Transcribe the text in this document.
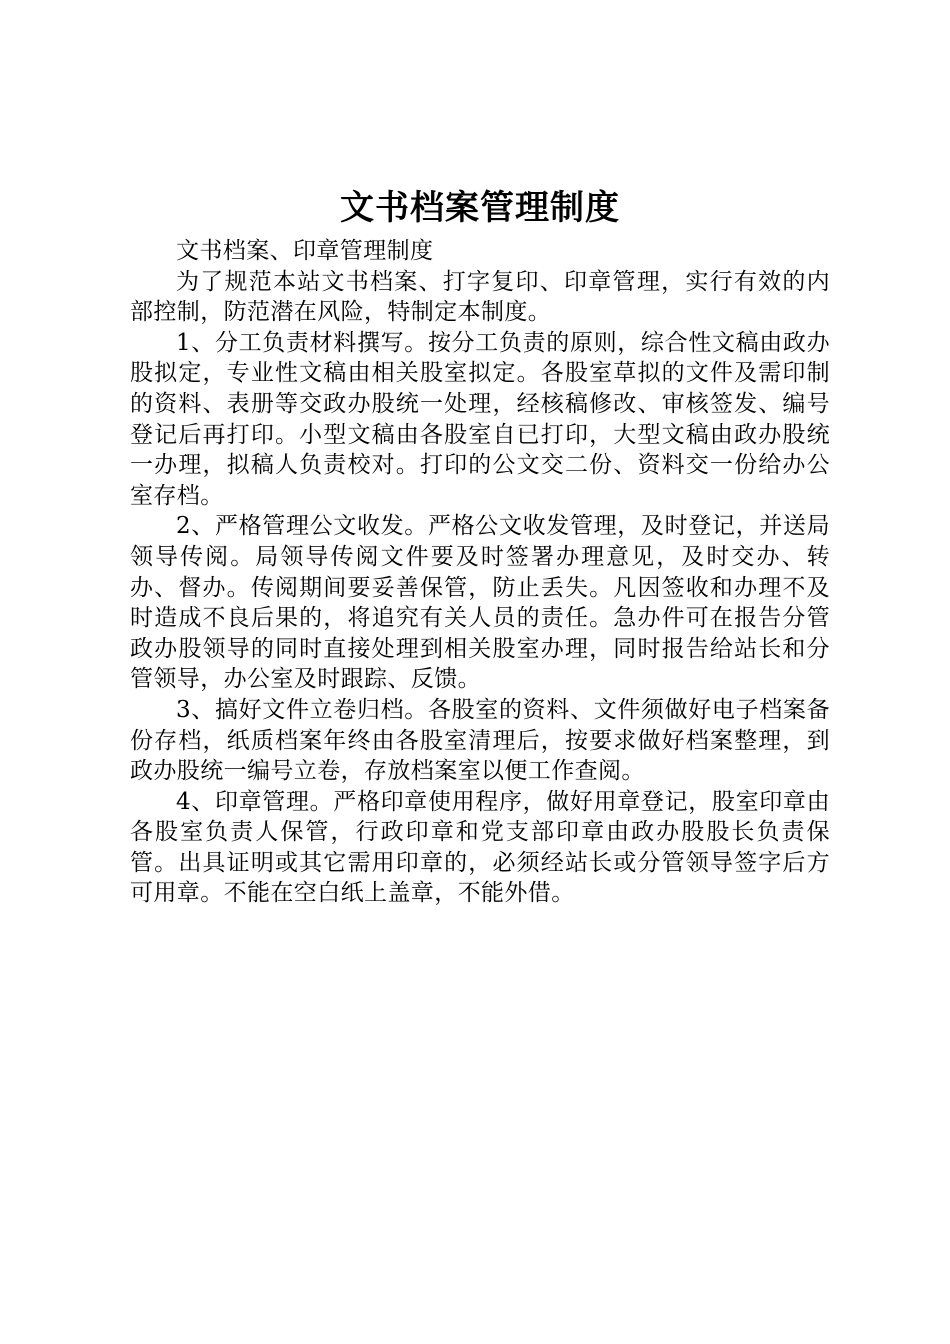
文书档案管理制度

文书档案、印章管理制度

为了规范本站文书档案、打字复印、印章管理，实行有效的内部控制，防范潜在风险，特制定本制度。

1、分工负责材料撰写。按分工负责的原则，综合性文稿由政办股拟定，专业性文稿由相关股室拟定。各股室草拟的文件及需印制的资料、表册等交政办股统一处理，经核稿修改、审核签发、编号登记后再打印。小型文稿由各股室自已打印，大型文稿由政办股统一办理，拟稿人负责校对。打印的公文交二份、资料交一份给办公室存档。

2、严格管理公文收发。严格公文收发管理，及时登记，并送局领导传阅。局领导传阅文件要及时签署办理意见，及时交办、转办、督办。传阅期间要妥善保管，防止丢失。凡因签收和办理不及时造成不良后果的，将追究有关人员的责任。急办件可在报告分管政办股领导的同时直接处理到相关股室办理，同时报告给站长和分管领导，办公室及时跟踪、反馈。

3、搞好文件立卷归档。各股室的资料、文件须做好电子档案备份存档，纸质档案年终由各股室清理后，按要求做好档案整理，到政办股统一编号立卷，存放档案室以便工作查阅。

4、印章管理。严格印章使用程序，做好用章登记，股室印章由各股室负责人保管，行政印章和党支部印章由政办股股长负责保管。出具证明或其它需用印章的，必须经站长或分管领导签字后方可用章。不能在空白纸上盖章，不能外借。
